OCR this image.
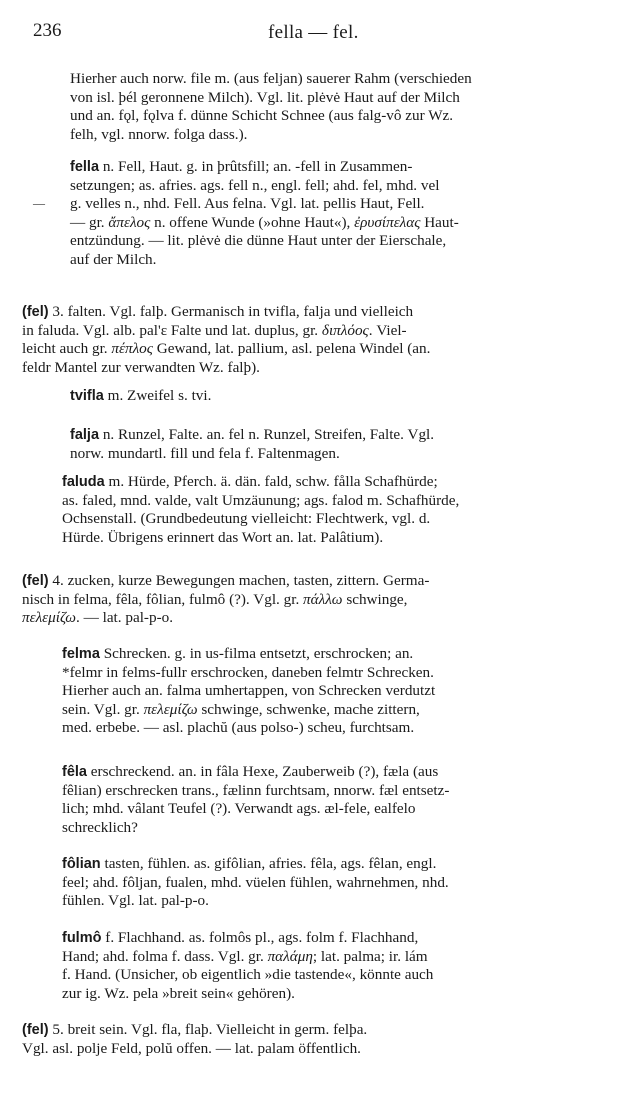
236	fella — fel.
—
Hierher auch norw. file m. (aus feljan) sauerer Rahm (verschieden
von isl. þél geronnene Milch). Vgl. lit. plėvė Haut auf der Milch
und an. fǫl, fǫlva f. dünne Schicht Schnee (aus falg-vô zur Wz.
felh, vgl. nnorw. folga dass.).
fella n. Fell, Haut. g. in þrûtsfill; an. -fell in Zusammen-
setzungen; as. afries. ags. fell n., engl. fell; ahd. fel, mhd. vel
g. velles n., nhd. Fell. Aus felna. Vgl. lat. pellis Haut, Fell.
— gr. ἄπελος n. offene Wunde (»ohne Haut«), ἐρυσίπελας Haut-
entzündung. — lit. plėvė die dünne Haut unter der Eierschale,
auf der Milch.
(fel) 3. falten. Vgl. falþ. Germanisch in tvifla, falja und vielleich
in faluda. Vgl. alb. pal'ε Falte und lat. duplus, gr. διπλόος. Viel-
leicht auch gr. πέπλος Gewand, lat. pallium, asl. pelena Windel (an.
feldr Mantel zur verwandten Wz. falþ).
tvifla m. Zweifel s. tvi.
falja n. Runzel, Falte. an. fel n. Runzel, Streifen, Falte. Vgl.
norw. mundartl. fill und fela f. Faltenmagen.
faluda m. Hürde, Pferch. ä. dän. fald, schw. fålla Schafhürde;
as. faled, mnd. valde, valt Umzäunung; ags. falod m. Schafhürde,
Ochsenstall. (Grundbedeutung vielleicht: Flechtwerk, vgl. d.
Hürde. Übrigens erinnert das Wort an. lat. Palâtium).
(fel) 4. zucken, kurze Bewegungen machen, tasten, zittern. Germa-
nisch in felma, fêla, fôlian, fulmô (?). Vgl. gr. πάλλω schwinge,
πελεμίζω. — lat. pal-p-o.
felma Schrecken. g. in us-filma entsetzt, erschrocken; an.
*felmr in felms-fullr erschrocken, daneben felmtr Schrecken.
Hierher auch an. falma umhertappen, von Schrecken verdutzt
sein. Vgl. gr. πελεμίζω schwinge, schwenke, mache zittern,
med. erbebe. — asl. plachŭ (aus polso-) scheu, furchtsam.
fêla erschreckend. an. in fâla Hexe, Zauberweib (?), fæla (aus
fêlian) erschrecken trans., fælinn furchtsam, nnorw. fæl entsetz-
lich; mhd. vâlant Teufel (?). Verwandt ags. æl-fele, ealfelo
schrecklich?
fôlian tasten, fühlen. as. gifôlian, afries. fêla, ags. fêlan, engl.
feel; ahd. fôljan, fualen, mhd. vüelen fühlen, wahrnehmen, nhd.
fühlen. Vgl. lat. pal-p-o.
fulmô f. Flachhand. as. folmôs pl., ags. folm f. Flachhand,
Hand; ahd. folma f. dass. Vgl. gr. παλάμη; lat. palma; ir. lám
f. Hand. (Unsicher, ob eigentlich »die tastende«, könnte auch
zur ig. Wz. pela »breit sein« gehören).
(fel) 5. breit sein. Vgl. fla, flaþ. Vielleicht in germ. felþa.
Vgl. asl. polje Feld, polŭ offen. — lat. palam öffentlich.
